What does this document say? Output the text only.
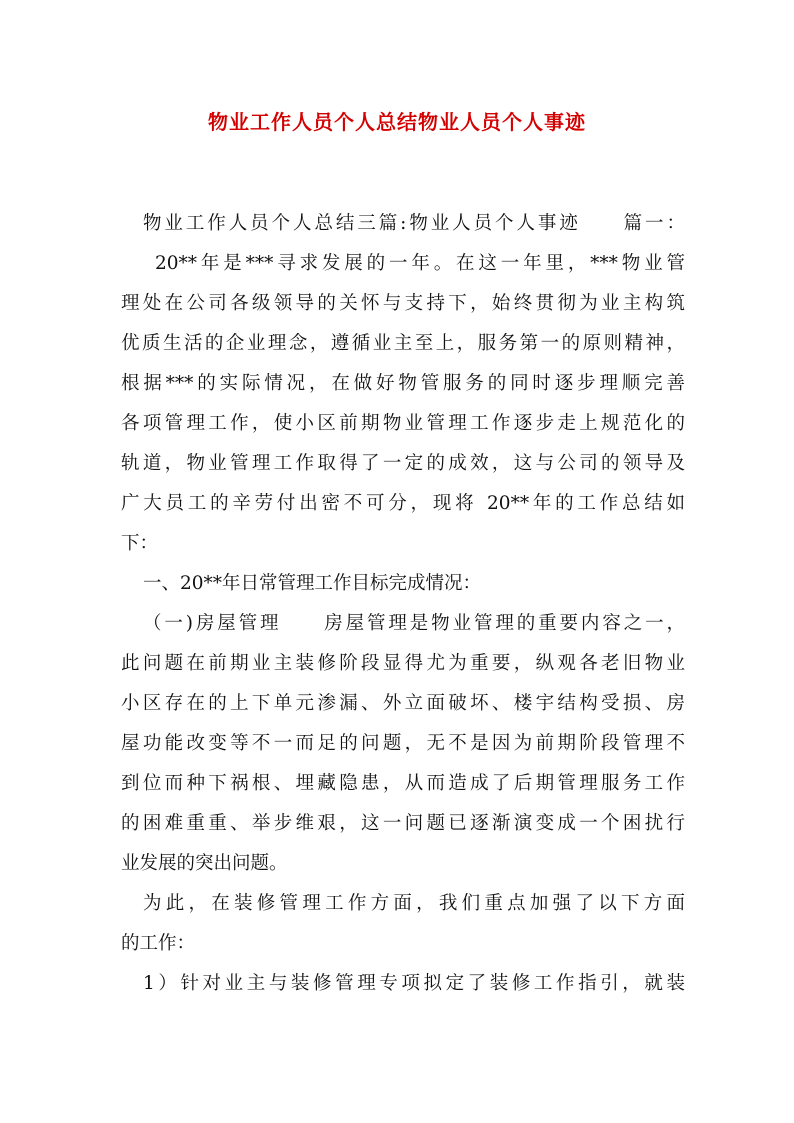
物业工作人员个人总结物业人员个人事迹
物业工作人员个人总结三篇:物业人员个人事迹　　篇一：
20**年是***寻求发展的一年。在这一年里，***物业管
理处在公司各级领导的关怀与支持下，始终贯彻为业主构筑
优质生活的企业理念，遵循业主至上，服务第一的原则精神，
根据***的实际情况，在做好物管服务的同时逐步理顺完善
各项管理工作，使小区前期物业管理工作逐步走上规范化的
轨道，物业管理工作取得了一定的成效，这与公司的领导及
广大员工的辛劳付出密不可分，现将 20**年的工作总结如
下：
一、20**年日常管理工作目标完成情况：
（一)房屋管理　　房屋管理是物业管理的重要内容之一，
此问题在前期业主装修阶段显得尤为重要，纵观各老旧物业
小区存在的上下单元渗漏、外立面破坏、楼宇结构受损、房
屋功能改变等不一而足的问题，无不是因为前期阶段管理不
到位而种下祸根、埋藏隐患，从而造成了后期管理服务工作
的困难重重、举步维艰，这一问题已逐渐演变成一个困扰行
业发展的突出问题。
为此，在装修管理工作方面，我们重点加强了以下方面
的工作：
1）针对业主与装修管理专项拟定了装修工作指引，就装
